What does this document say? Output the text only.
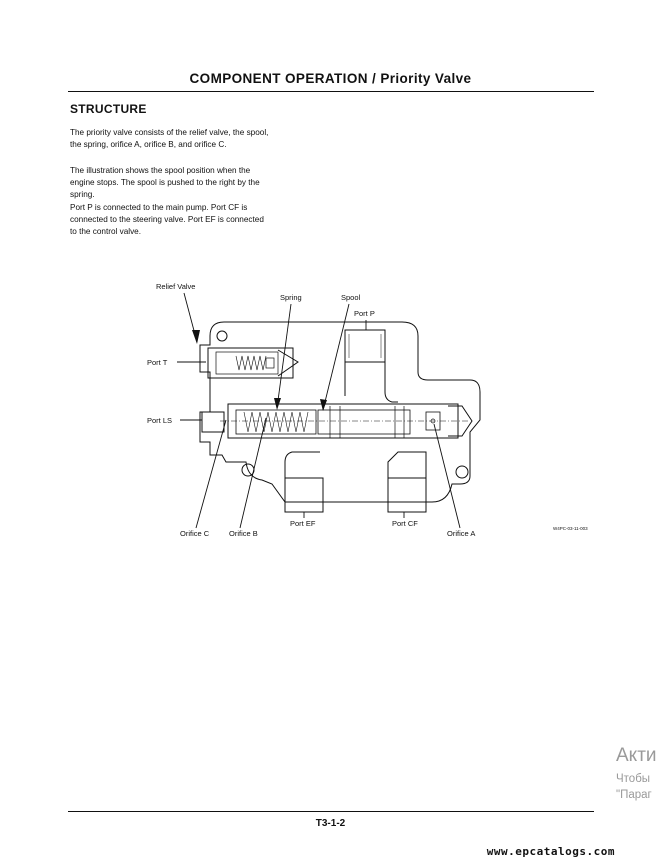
COMPONENT OPERATION / Priority Valve
STRUCTURE
The priority valve consists of the relief valve, the spool,
the spring, orifice A, orifice B, and orifice C.
The illustration shows the spool position when the
engine stops. The spool is pushed to the right by the
spring.
Port P is connected to the main pump. Port CF is
connected to the steering valve. Port EF is connected
to the control valve.
Relief Valve
Spring	Spool
Port P
Port T
Port LS
Orifice C	Orifice B
Port EF	Port CF
Orifice A
W4PC-03-11-003
T3-1-2
www.epcatalogs.com
Акти
Чтобы
"Параг
